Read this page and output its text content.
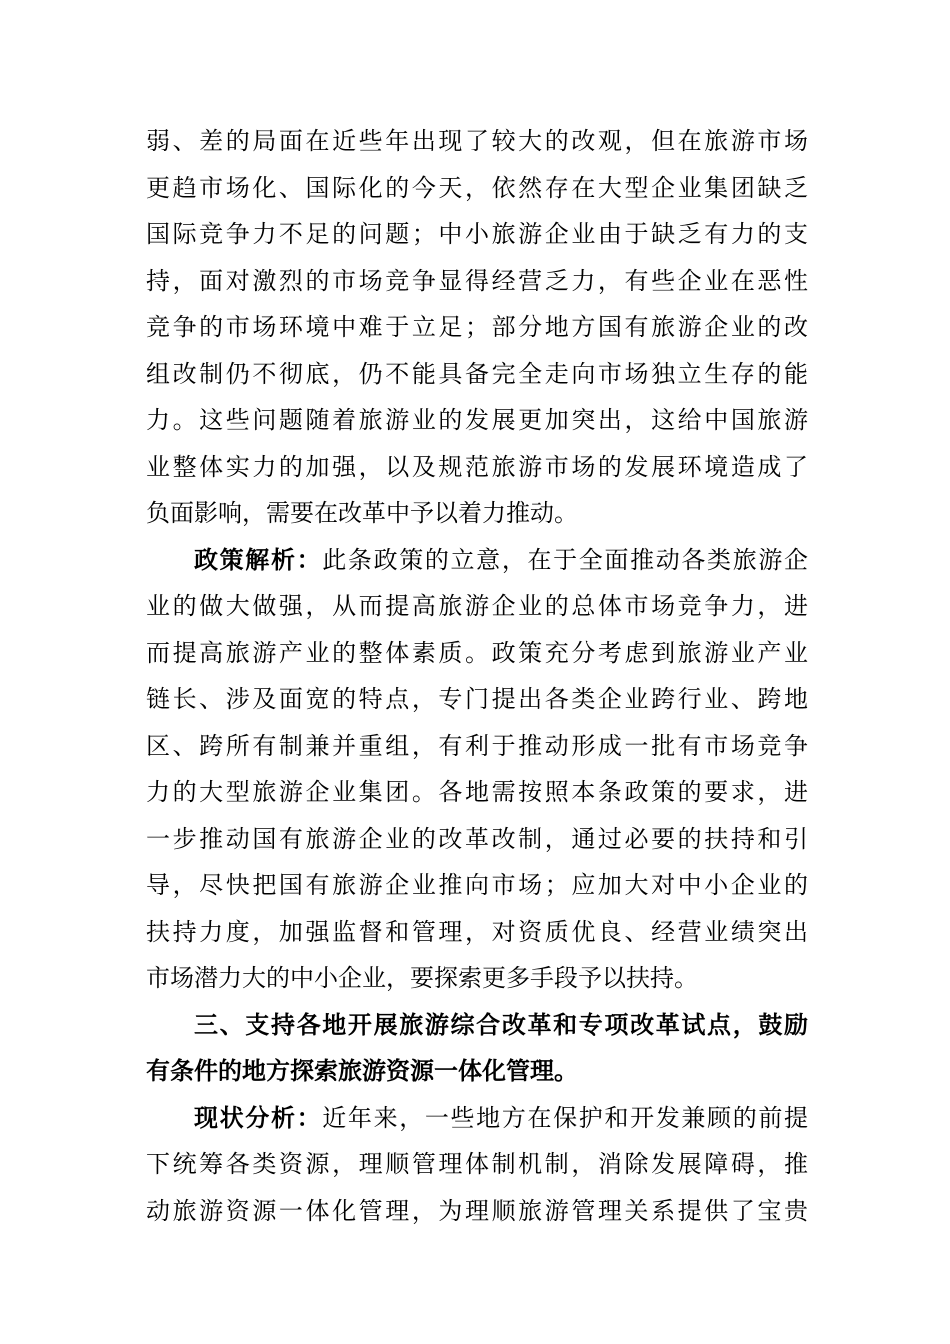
弱、差的局面在近些年出现了较大的改观，但在旅游市场
更趋市场化、国际化的今天，依然存在大型企业集团缺乏
国际竞争力不足的问题；中小旅游企业由于缺乏有力的支
持，面对激烈的市场竞争显得经营乏力，有些企业在恶性
竞争的市场环境中难于立足；部分地方国有旅游企业的改
组改制仍不彻底，仍不能具备完全走向市场独立生存的能
力。这些问题随着旅游业的发展更加突出，这给中国旅游
业整体实力的加强，以及规范旅游市场的发展环境造成了
负面影响，需要在改革中予以着力推动。
政策解析：此条政策的立意，在于全面推动各类旅游企
业的做大做强，从而提高旅游企业的总体市场竞争力，进
而提高旅游产业的整体素质。政策充分考虑到旅游业产业
链长、涉及面宽的特点，专门提出各类企业跨行业、跨地
区、跨所有制兼并重组，有利于推动形成一批有市场竞争
力的大型旅游企业集团。各地需按照本条政策的要求，进
一步推动国有旅游企业的改革改制，通过必要的扶持和引
导，尽快把国有旅游企业推向市场；应加大对中小企业的
扶持力度，加强监督和管理，对资质优良、经营业绩突出
市场潜力大的中小企业，要探索更多手段予以扶持。
三、支持各地开展旅游综合改革和专项改革试点，鼓励
有条件的地方探索旅游资源一体化管理。
现状分析：近年来，一些地方在保护和开发兼顾的前提
下统筹各类资源，理顺管理体制机制，消除发展障碍，推
动旅游资源一体化管理，为理顺旅游管理关系提供了宝贵
